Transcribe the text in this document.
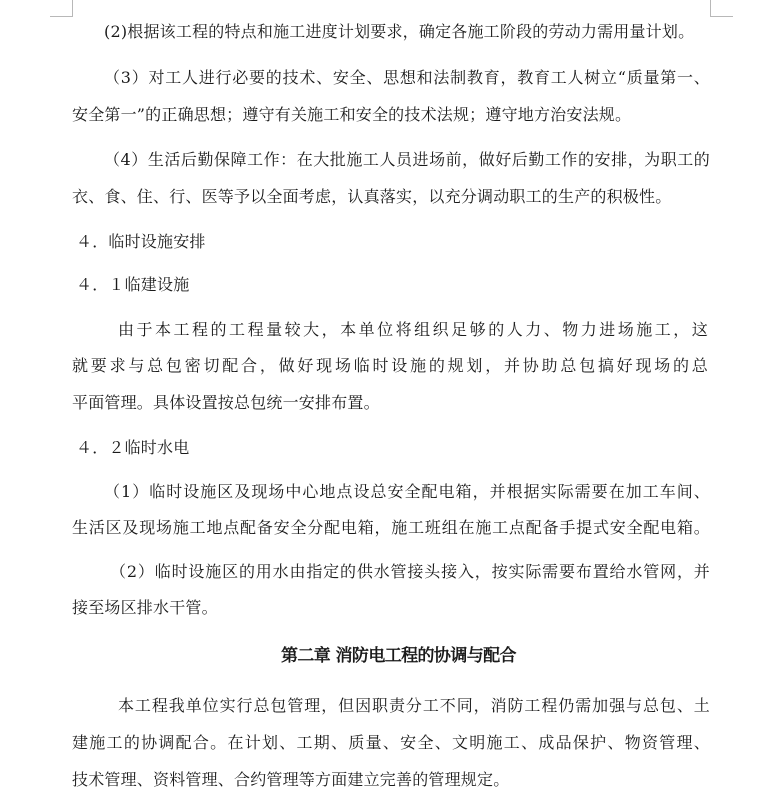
(2)根据该工程的特点和施工进度计划要求，确定各施工阶段的劳动力需用量计划。
（3）对工人进行必要的技术、安全、思想和法制教育，教育工人树立“质量第一、
安全第一”的正确思想；遵守有关施工和安全的技术法规；遵守地方治安法规。
（4）生活后勤保障工作：在大批施工人员进场前，做好后勤工作的安排，为职工的
衣、食、住、行、医等予以全面考虑，认真落实，以充分调动职工的生产的积极性。
４．临时设施安排
４．１临建设施
由于本工程的工程量较大，本单位将组织足够的人力、物力进场施工，这
就要求与总包密切配合，做好现场临时设施的规划，并协助总包搞好现场的总
平面管理。具体设置按总包统一安排布置。
４．２临时水电
（1）临时设施区及现场中心地点设总安全配电箱，并根据实际需要在加工车间、
生活区及现场施工地点配备安全分配电箱，施工班组在施工点配备手提式安全配电箱。
（2）临时设施区的用水由指定的供水管接头接入，按实际需要布置给水管网，并
接至场区排水干管。
第二章 消防电工程的协调与配合
本工程我单位实行总包管理，但因职责分工不同，消防工程仍需加强与总包、土
建施工的协调配合。在计划、工期、质量、安全、文明施工、成品保护、物资管理、
技术管理、资料管理、合约管理等方面建立完善的管理规定。
